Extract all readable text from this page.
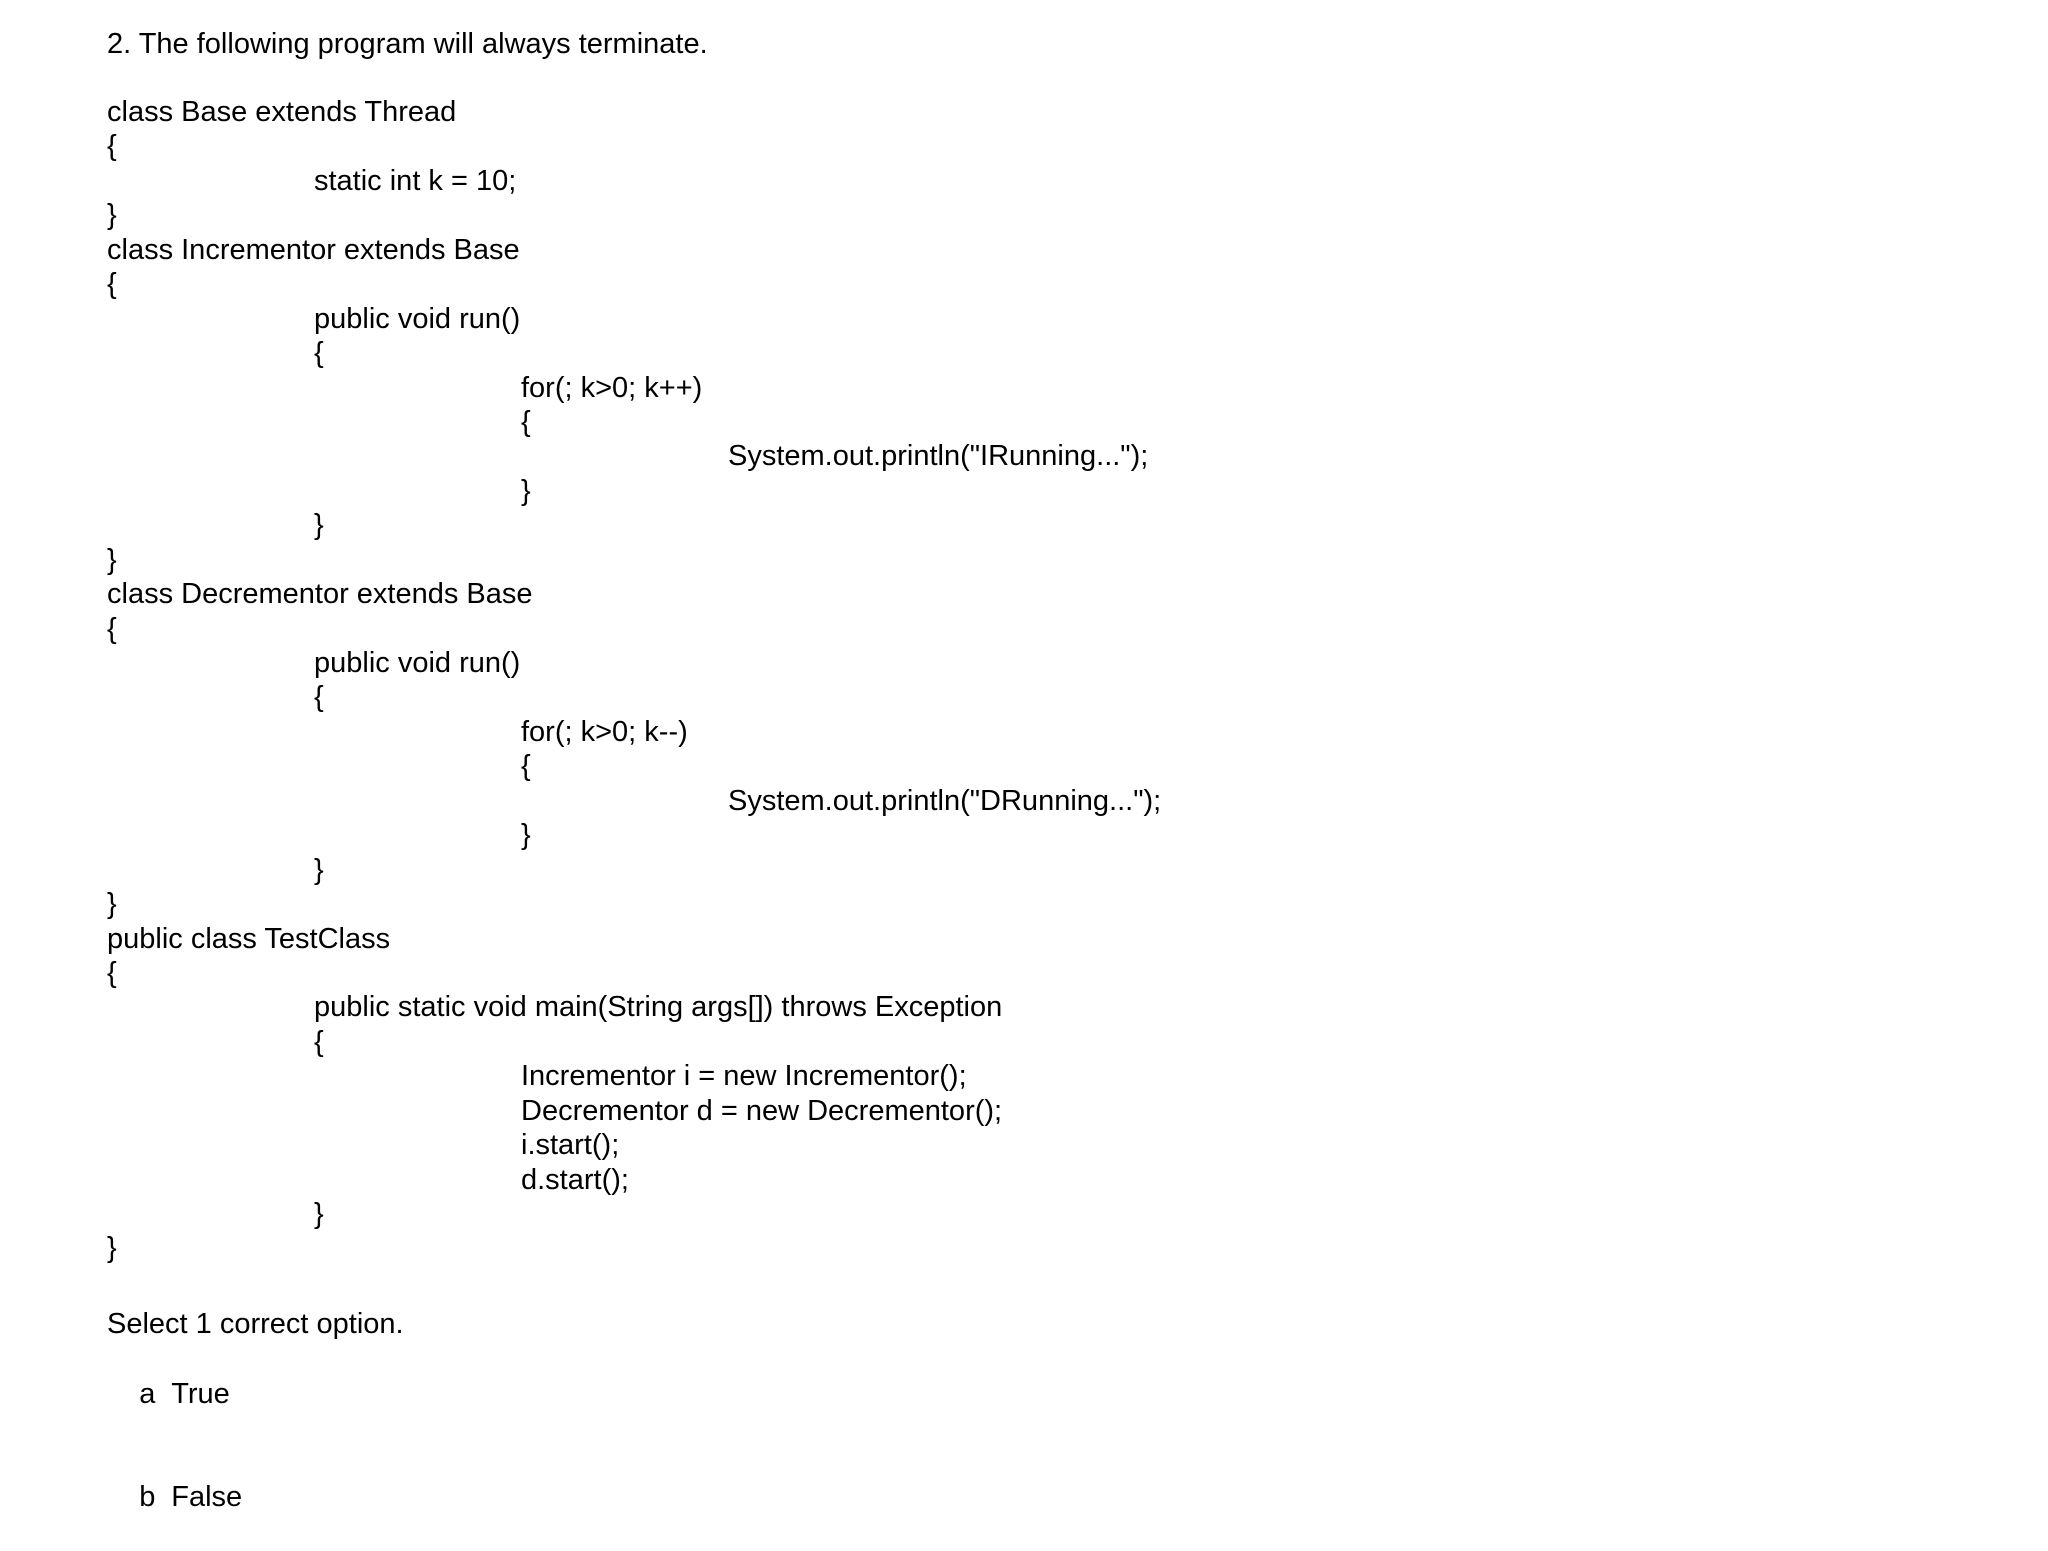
2. The following program will always terminate.
class Base extends Thread
{
static int k = 10;
}
class Incrementor extends Base
{
public void run()
{
for(; k>0; k++)
{
System.out.println("IRunning...");
}
}
}
class Decrementor extends Base
{
public void run()
{
for(; k>0; k--)
{
System.out.println("DRunning...");
}
}
}
public class TestClass
{
public static void main(String args[]) throws Exception
{
Incrementor i = new Incrementor();
Decrementor d = new Decrementor();
i.start();
d.start();
}
}
Select 1 correct option.

a True

b False
